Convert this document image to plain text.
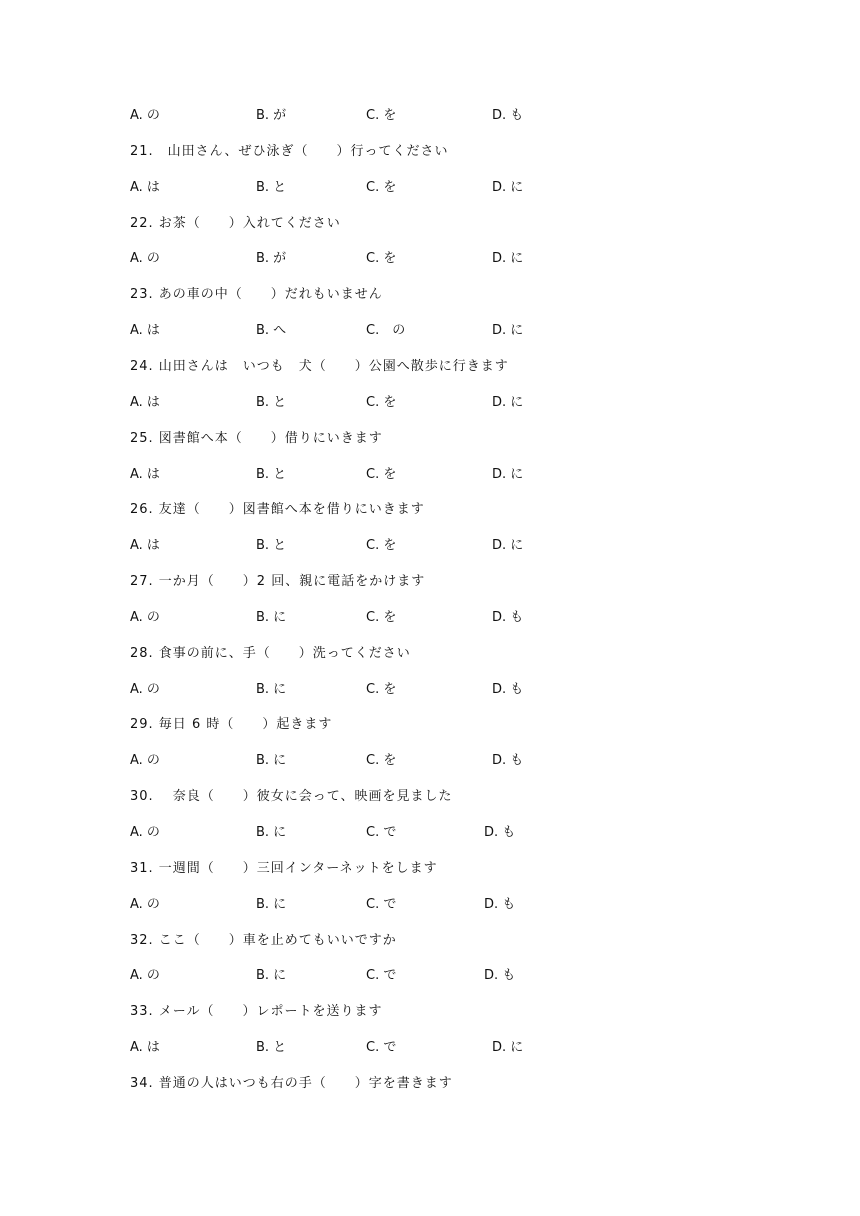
A. の	B. が	C. を	D. も
21.　山田さん、ぜひ泳ぎ（　　）行ってください
A. は	B. と	C. を	D. に
22. お茶（　　）入れてください
A. の	B. が	C. を	D. に
23. あの車の中（　　）だれもいません
A. は	B. へ	C.　の	D. に
24. 山田さんは　いつも　犬（　　）公園へ散歩に行きます
A. は	B. と	C. を	D. に
25. 図書館へ本（　　）借りにいきます
A. は	B. と	C. を	D. に
26. 友達（　　）図書館へ本を借りにいきます
A. は	B. と	C. を	D. に
27. 一か月（　　）2 回、親に電話をかけます
A. の	B. に	C. を	D. も
28. 食事の前に、手（　　）洗ってください
A. の	B. に	C. を	D. も
29. 毎日 6 時（　　）起きます
A. の	B. に	C. を	D. も
30.　 奈良（　　）彼女に会って、映画を見ました
A. の	B. に	C. で	D. も
31. 一週間（　　）三回インターネットをします
A. の	B. に	C. で	D. も
32. ここ（　　）車を止めてもいいですか
A. の	B. に	C. で	D. も
33. メール（　　）レポートを送ります
A. は	B. と	C. で	D. に
34. 普通の人はいつも右の手（　　）字を書きます
